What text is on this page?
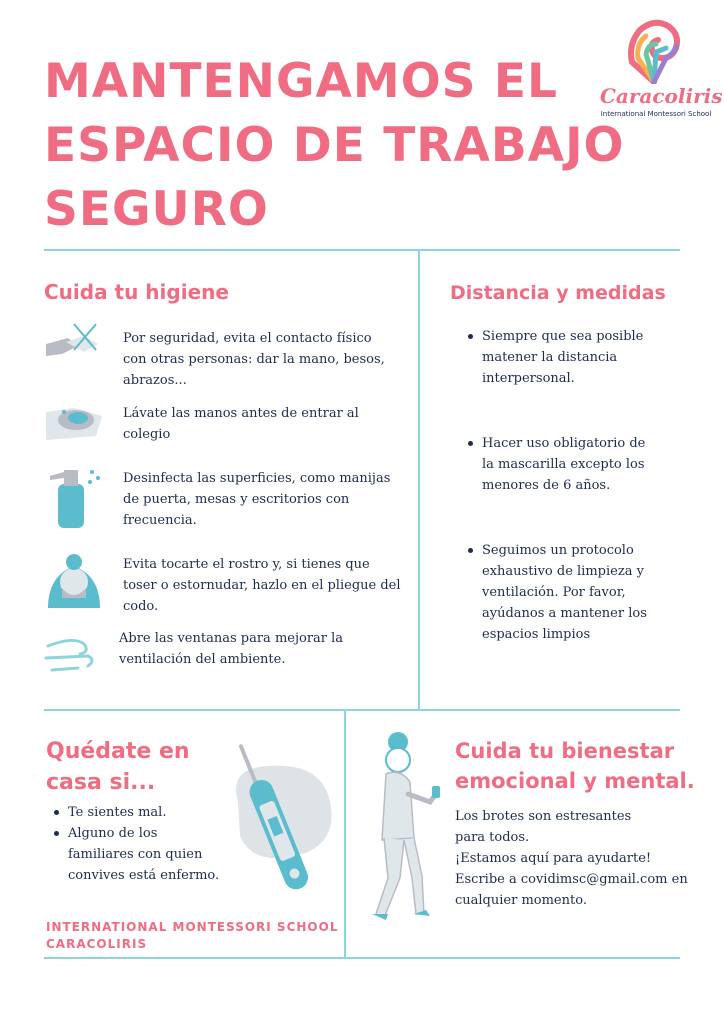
MANTENGAMOS EL
ESPACIO DE TRABAJO
SEGURO
Caracoliris
International Montessori School
Cuida tu higiene
Por seguridad, evita el contacto físico con otras personas: dar la mano, besos, abrazos...
Lávate las manos antes de entrar al colegio
Desinfecta las superficies, como manijas de puerta, mesas y escritorios con frecuencia.
Evita tocarte el rostro y, si tienes que toser o estornudar, hazlo en el pliegue del codo.
Abre las ventanas para mejorar la ventilación del ambiente.
Distancia y medidas
Siempre que sea posible matener la distancia interpersonal.
Hacer uso obligatorio de la mascarilla excepto los menores de 6 años.
Seguimos un protocolo exhaustivo de limpieza y ventilación. Por favor, ayúdanos a mantener los espacios limpios
Quédate en
casa si...
Te sientes mal.
Alguno de los familiares con quien convives está enfermo.
Cuida tu bienestar
emocional y mental.
Los brotes son estresantes
para todos.
¡Estamos aquí para ayudarte!
Escribe a covidimsc@gmail.com en
cualquier momento.
INTERNATIONAL MONTESSORI SCHOOL
CARACOLIRIS
